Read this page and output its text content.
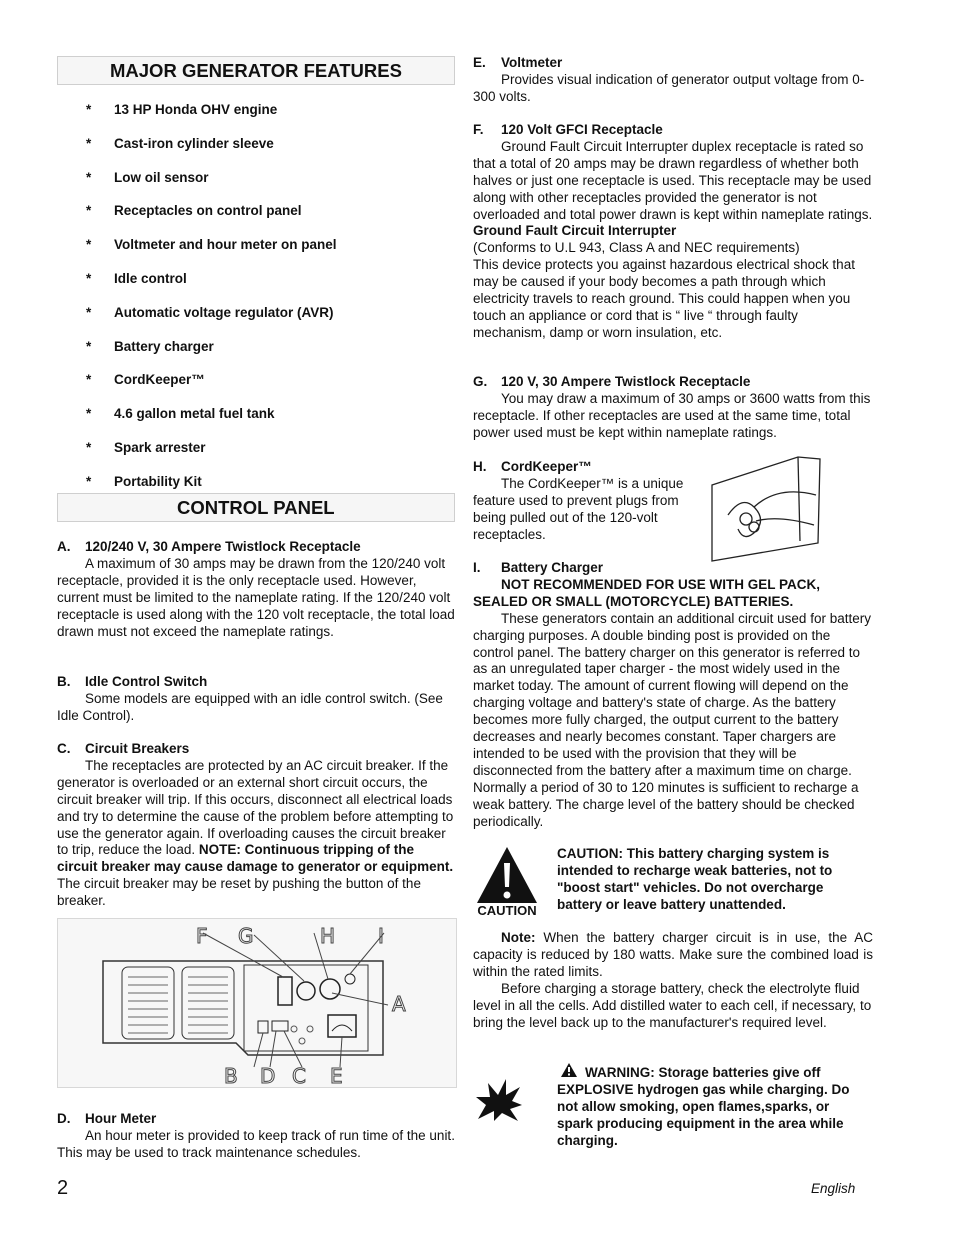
MAJOR GENERATOR FEATURES
* 13 HP Honda OHV engine
* Cast-iron cylinder sleeve
* Low oil sensor
* Receptacles on control panel
* Voltmeter and hour meter on panel
* Idle control
* Automatic voltage regulator (AVR)
* Battery charger
* CordKeeper™
* 4.6 gallon metal fuel tank
* Spark arrester
* Portability Kit
CONTROL PANEL

A. 120/240 V, 30 Ampere Twistlock Receptacle

A maximum of 30 amps may be drawn from the 120/240 volt receptacle, provided it is the only receptacle used. However, current must be limited to the nameplate rating. If the 120/240 volt receptacle is used along with the 120 volt receptacle, the total load drawn must not exceed the nameplate ratings.

B. Idle Control Switch

Some models are equipped with an idle control switch. (See Idle Control).

C. Circuit Breakers

The receptacles are protected by an AC circuit breaker. If the generator is overloaded or an external short circuit occurs, the circuit breaker will trip. If this occurs, disconnect all electrical loads and try to determine the cause of the problem before attempting to use the generator again. If overloading causes the circuit breaker to trip, reduce the load. NOTE: Continuous tripping of the circuit breaker may cause damage to generator or equipment. The circuit breaker may be reset by pushing the button of the breaker.

F G	H I
A
B D C E

D. Hour Meter

An hour meter is provided to keep track of run time of the unit. This may be used to track maintenance schedules.

E. Voltmeter

Provides visual indication of generator output voltage from 0-300 volts.

F. 120 Volt GFCI Receptacle

Ground Fault Circuit Interrupter duplex receptacle is rated so that a total of 20 amps may be drawn regardless of whether both halves or just one receptacle is used. This receptacle may be used along with other receptacles provided the generator is not overloaded and total power drawn is kept within nameplate ratings.

Ground Fault Circuit Interrupter

(Conforms to U.L 943, Class A and NEC requirements)

This device protects you against hazardous electrical shock that may be caused if your body becomes a path through which electricity travels to reach ground. This could happen when you touch an appliance or cord that is “ live “ through faulty mechanism, damp or worn insulation, etc.

G. 120 V, 30 Ampere Twistlock Receptacle

You may draw a maximum of 30 amps or 3600 watts from this receptacle. If other receptacles are used at the same time, total power used must be kept within nameplate ratings.

H. CordKeeper™

The CordKeeper™ is a unique feature used to prevent plugs from being pulled out of the 120-volt receptacles.

I. Battery Charger

NOT RECOMMENDED FOR USE WITH GEL PACK, SEALED OR SMALL (MOTORCYCLE) BATTERIES.

These generators contain an additional circuit used for battery charging purposes. A double binding post is provided on the control panel. The battery charger on this generator is referred to as an unregulated taper charger - the most widely used in the market today. The amount of current flowing will depend on the charging voltage and battery's state of charge. As the battery becomes more fully charged, the output current to the battery decreases and nearly becomes constant. Taper chargers are intended to be used with the provision that they will be disconnected from the battery after a maximum time on charge. Normally a period of 30 to 120 minutes is sufficient to recharge a weak battery. The charge level of the battery should be checked periodically.

CAUTION

CAUTION: This battery charging system is intended to recharge weak batteries, not to "boost start" vehicles. Do not overcharge battery or leave battery unattended.

Note: When the battery charger circuit is in use, the AC capacity is reduced by 180 watts. Make sure the combined load is within the rated limits.

Before charging a storage battery, check the electrolyte fluid level in all the cells. Add distilled water to each cell, if necessary, to bring the level back up to the manufacturer's required level.

WARNING: Storage batteries give off EXPLOSIVE hydrogen gas while charging. Do not allow smoking, open flames,sparks, or spark producing equipment in the area while charging.

2	English
